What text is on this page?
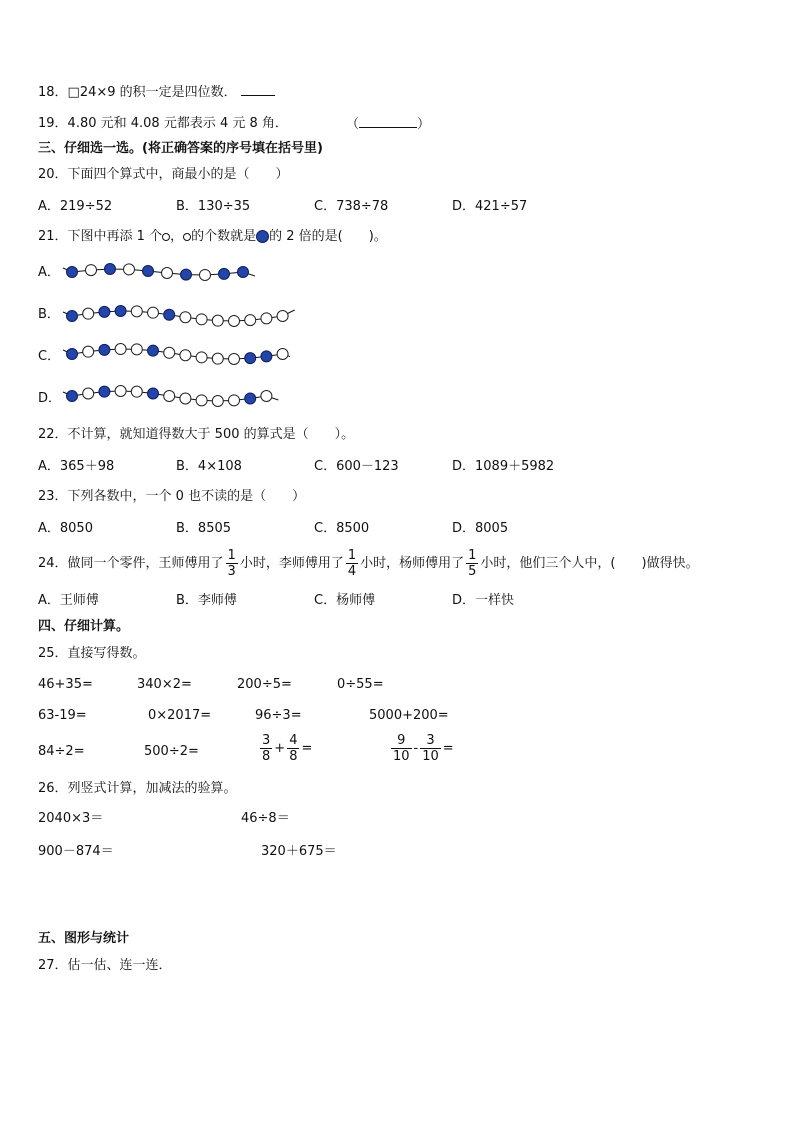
18．□24×9 的积一定是四位数．
19．4.80 元和 4.08 元都表示 4 元 8 角．	（	）
三、仔细选一选。(将正确答案的序号填在括号里)
20．下面四个算式中，商最小的是（　　）
A．219÷52	B．130÷35	C．738÷78	D．421÷57
21．下图中再添 1 个 ， 的个数就是 的 2 倍的是(　　)。
A．
B．
C．
D．
22．不计算，就知道得数大于 500 的算式是（　　）。
A．365＋98	B．4×108	C．600－123	D．1089＋5982
23．下列各数中，一个 0 也不读的是（　　）
A．8050	B．8505	C．8500	D．8005
24．做同一个零件，王师傅用了 $\frac{1}{3}$ 小时，李师傅用了 $\frac{1}{4}$ 小时，杨师傅用了 $\frac{1}{5}$ 小时，他们三个人中，(　　)做得快。
A．王师傅	B．李师傅	C．杨师傅	D．一样快
四、仔细计算。
25．直接写得数。
46+35=	340×2=	200÷5=	0÷55=
63-19=	0×2017=	96÷3=	5000+200=
84÷2=	500÷2=	$\frac{3}{8} + \frac{4}{8}$ =	$\frac{9}{10} - \frac{3}{10}$ =
26．列竖式计算，加减法的验算。
2040×3＝	46÷8＝
900－874＝	320＋675＝
五、图形与统计
27．估一估、连一连．
